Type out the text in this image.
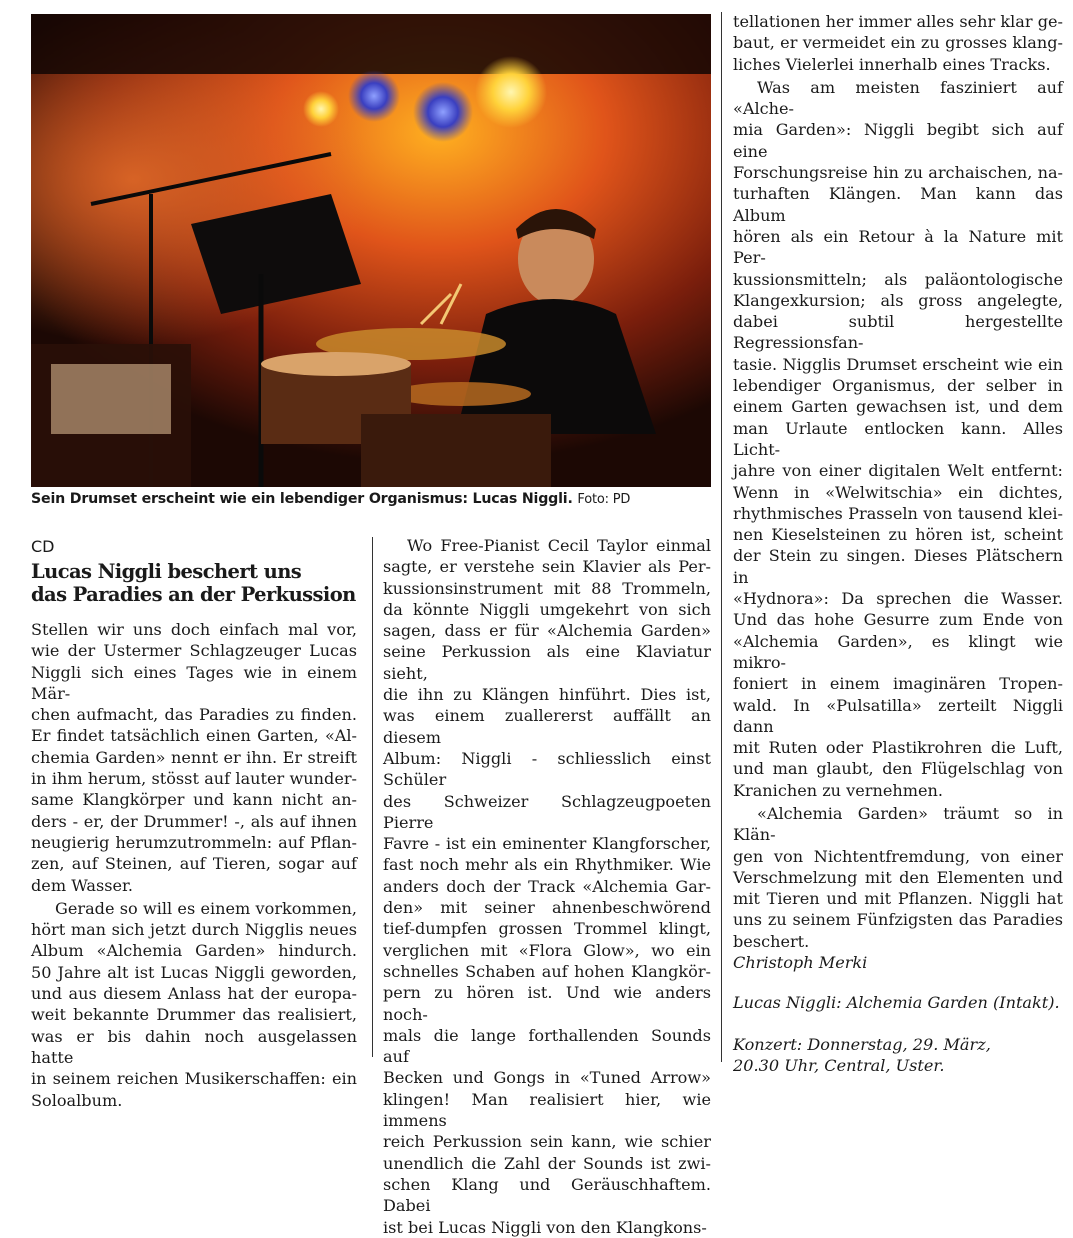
Sein Drumset erscheint wie ein lebendiger Organismus: Lucas Niggli. Foto: PD
CD
Lucas Niggli beschert uns
das Paradies an der Perkussion

Stellen wir uns doch einfach mal vor,
wie der Ustermer Schlagzeuger Lucas
Niggli sich eines Tages wie in einem Mär-
chen aufmacht, das Paradies zu finden.
Er findet tatsächlich einen Garten, «Al-
chemia Garden» nennt er ihn. Er streift
in ihm herum, stösst auf lauter wunder-
same Klangkörper und kann nicht an-
ders - er, der Drummer! -, als auf ihnen
neugierig herumzutrommeln: auf Pflan-
zen, auf Steinen, auf Tieren, sogar auf
dem Wasser.

Gerade so will es einem vorkommen,
hört man sich jetzt durch Nigglis neues
Album «Alchemia Garden» hindurch.
50 Jahre alt ist Lucas Niggli geworden,
und aus diesem Anlass hat der europa-
weit bekannte Drummer das realisiert,
was er bis dahin noch ausgelassen hatte
in seinem reichen Musikerschaffen: ein
Soloalbum.

Wo Free-Pianist Cecil Taylor einmal
sagte, er verstehe sein Klavier als Per-
kussionsinstrument mit 88 Trommeln,
da könnte Niggli umgekehrt von sich
sagen, dass er für «Alchemia Garden»
seine Perkussion als eine Klaviatur sieht,
die ihn zu Klängen hinführt. Dies ist,
was einem zuallererst auffällt an diesem
Album: Niggli - schliesslich einst Schüler
des Schweizer Schlagzeugpoeten Pierre
Favre - ist ein eminenter Klangforscher,
fast noch mehr als ein Rhythmiker. Wie
anders doch der Track «Alchemia Gar-
den» mit seiner ahnenbeschwörend
tief-dumpfen grossen Trommel klingt,
verglichen mit «Flora Glow», wo ein
schnelles Schaben auf hohen Klangkör-
pern zu hören ist. Und wie anders noch-
mals die lange forthallenden Sounds auf
Becken und Gongs in «Tuned Arrow»
klingen! Man realisiert hier, wie immens
reich Perkussion sein kann, wie schier
unendlich die Zahl der Sounds ist zwi-
schen Klang und Geräuschhaftem. Dabei
ist bei Lucas Niggli von den Klangkons-

tellationen her immer alles sehr klar ge-
baut, er vermeidet ein zu grosses klang-
liches Vielerlei innerhalb eines Tracks.

Was am meisten fasziniert auf «Alche-
mia Garden»: Niggli begibt sich auf eine
Forschungsreise hin zu archaischen, na-
turhaften Klängen. Man kann das Album
hören als ein Retour à la Nature mit Per-
kussionsmitteln; als paläontologische
Klangexkursion; als gross angelegte,
dabei subtil hergestellte Regressionsfan-
tasie. Nigglis Drumset erscheint wie ein
lebendiger Organismus, der selber in
einem Garten gewachsen ist, und dem
man Urlaute entlocken kann. Alles Licht-
jahre von einer digitalen Welt entfernt:
Wenn in «Welwitschia» ein dichtes,
rhythmisches Prasseln von tausend klei-
nen Kieselsteinen zu hören ist, scheint
der Stein zu singen. Dieses Plätschern in
«Hydnora»: Da sprechen die Wasser.
Und das hohe Gesurre zum Ende von
«Alchemia Garden», es klingt wie mikro-
foniert in einem imaginären Tropen-
wald. In «Pulsatilla» zerteilt Niggli dann
mit Ruten oder Plastikrohren die Luft,
und man glaubt, den Flügelschlag von
Kranichen zu vernehmen.

«Alchemia Garden» träumt so in Klän-
gen von Nichtentfremdung, von einer
Verschmelzung mit den Elementen und
mit Tieren und mit Pflanzen. Niggli hat
uns zu seinem Fünfzigsten das Paradies
beschert.

Christoph Merki

Lucas Niggli: Alchemia Garden (Intakt).

Konzert: Donnerstag, 29. März,
20.30 Uhr, Central, Uster.
